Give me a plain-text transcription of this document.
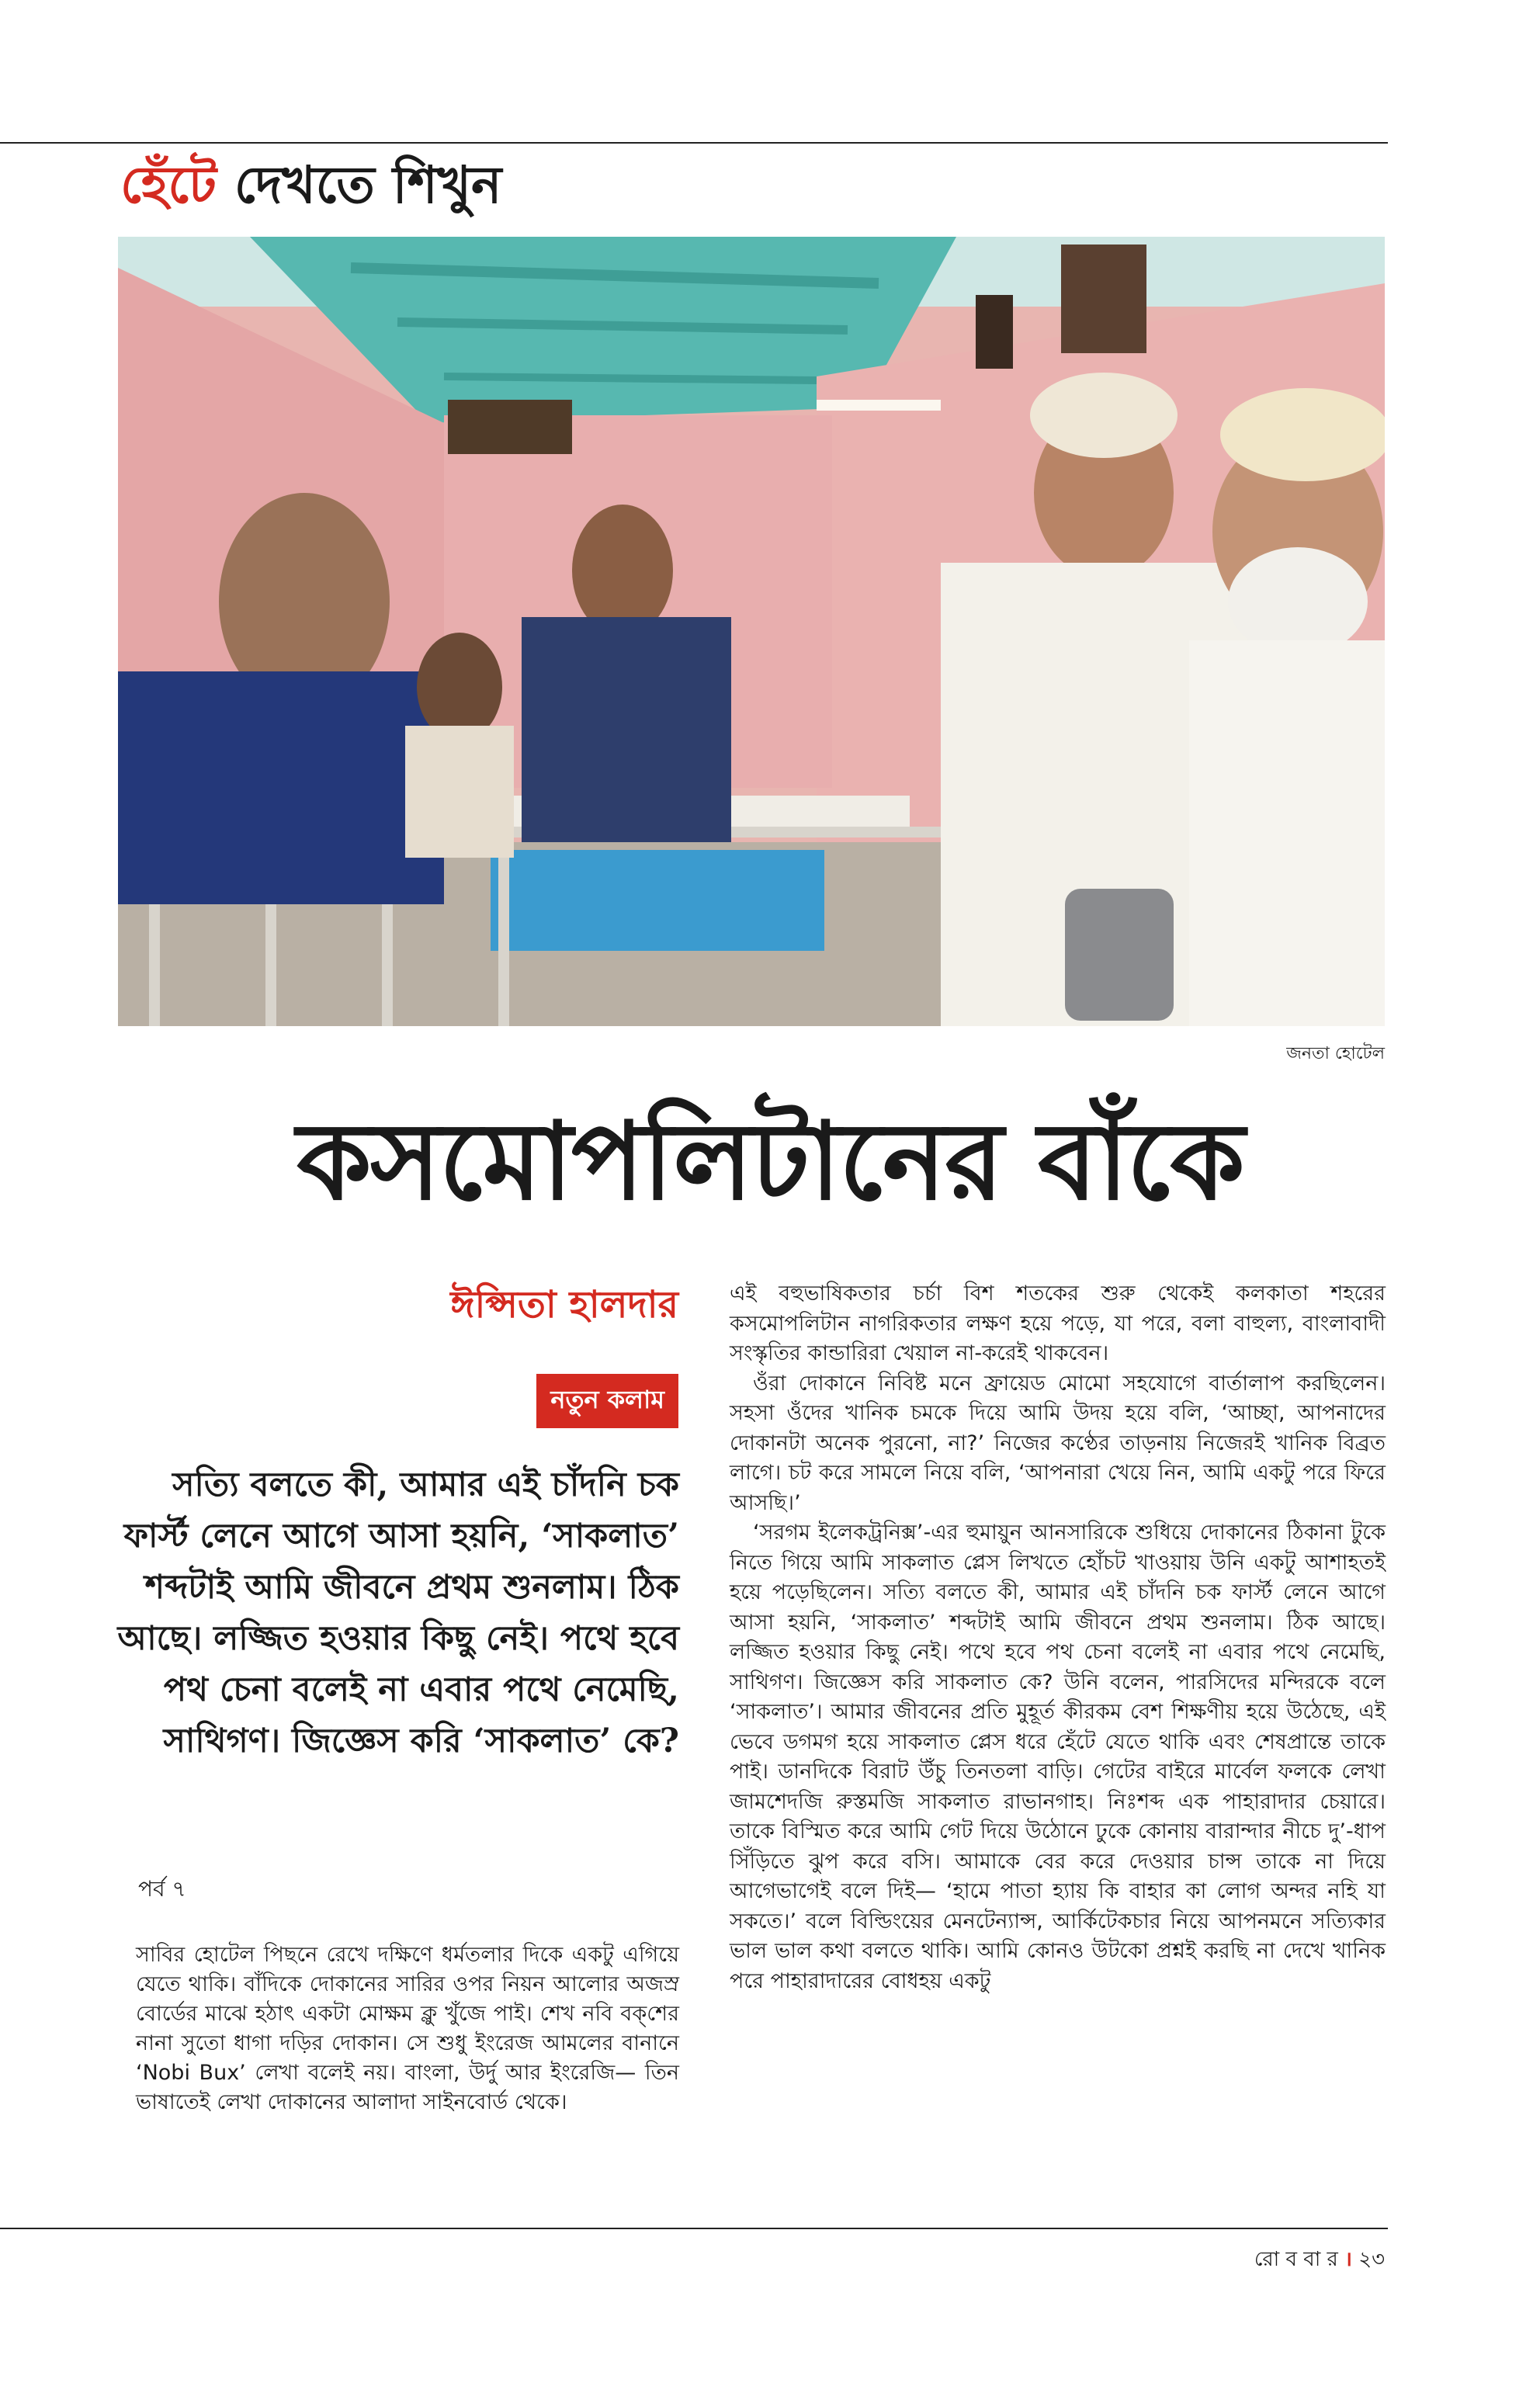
হেঁটে দেখতে শিখুন
জনতা হোটেল
কসমোপলিটানের বাঁকে
ঈপ্সিতা হালদার
নতুন কলাম
সত্যি বলতে কী, আমার এই চাঁদনি চক ফার্স্ট লেনে আগে আসা হয়নি, ‘সাকলাত’ শব্দটাই আমি জীবনে প্রথম শুনলাম। ঠিক আছে। লজ্জিত হওয়ার কিছু নেই। পথে হবে পথ চেনা বলেই না এবার পথে নেমেছি, সাথিগণ। জিজ্ঞেস করি ‘সাকলাত’ কে?
পর্ব ৭

সাবির হোটেল পিছনে রেখে দক্ষিণে ধর্মতলার দিকে একটু এগিয়ে যেতে থাকি। বাঁদিকে দোকানের সারির ওপর নিয়ন আলোর অজস্র বোর্ডের মাঝে হঠাৎ একটা মোক্ষম ক্লু খুঁজে পাই। শেখ নবি বক্‌শের নানা সুতো ধাগা দড়ির দোকান। সে শুধু ইংরেজ আমলের বানানে ‘Nobi Bux’ লেখা বলেই নয়। বাংলা, উর্দু আর ইংরেজি— তিন ভাষাতেই লেখা দোকানের আলাদা সাইনবোর্ড থেকে।

এই বহুভাষিকতার চর্চা বিশ শতকের শুরু থেকেই কলকাতা শহরের কসমোপলিটান নাগরিকতার লক্ষণ হয়ে পড়ে, যা পরে, বলা বাহুল্য, বাংলাবাদী সংস্কৃতির কান্ডারিরা খেয়াল না-করেই থাকবেন।

ওঁরা দোকানে নিবিষ্ট মনে ফ্রায়েড মোমো সহযোগে বার্তালাপ করছিলেন। সহসা ওঁদের খানিক চমকে দিয়ে আমি উদয় হয়ে বলি, ‘আচ্ছা, আপনাদের দোকানটা অনেক পুরনো, না?’ নিজের কণ্ঠের তাড়নায় নিজেরই খানিক বিব্রত লাগে। চট করে সামলে নিয়ে বলি, ‘আপনারা খেয়ে নিন, আমি একটু পরে ফিরে আসছি।’

‘সরগম ইলেকট্রনিক্স’-এর হুমায়ুন আনসারিকে শুধিয়ে দোকানের ঠিকানা টুকে নিতে গিয়ে আমি সাকলাত প্লেস লিখতে হোঁচট খাওয়ায় উনি একটু আশাহতই হয়ে পড়েছিলেন। সত্যি বলতে কী, আমার এই চাঁদনি চক ফার্স্ট লেনে আগে আসা হয়নি, ‘সাকলাত’ শব্দটাই আমি জীবনে প্রথম শুনলাম। ঠিক আছে। লজ্জিত হওয়ার কিছু নেই। পথে হবে পথ চেনা বলেই না এবার পথে নেমেছি, সাথিগণ। জিজ্ঞেস করি সাকলাত কে? উনি বলেন, পারসিদের মন্দিরকে বলে ‘সাকলাত’। আমার জীবনের প্রতি মুহূর্ত কীরকম বেশ শিক্ষণীয় হয়ে উঠেছে, এই ভেবে ডগমগ হয়ে সাকলাত প্লেস ধরে হেঁটে যেতে থাকি এবং শেষপ্রান্তে তাকে পাই। ডানদিকে বিরাট উঁচু তিনতলা বাড়ি। গেটের বাইরে মার্বেল ফলকে লেখা জামশেদজি রুস্তমজি সাকলাত রাভানগাহ। নিঃশব্দ এক পাহারাদার চেয়ারে। তাকে বিস্মিত করে আমি গেট দিয়ে উঠোনে ঢুকে কোনায় বারান্দার নীচে দু’-ধাপ সিঁড়িতে ঝুপ করে বসি। আমাকে বের করে দেওয়ার চান্স তাকে না দিয়ে আগেভাগেই বলে দিই— ‘হামে পাতা হ্যায় কি বাহার কা লোগ অন্দর নহি যা সকতে।’ বলে বিল্ডিংয়ের মেনটেন্যান্স, আর্কিটেকচার নিয়ে আপনমনে সত্যিকার ভাল ভাল কথা বলতে থাকি। আমি কোনও উটকো প্রশ্নই করছি না দেখে খানিক পরে পাহারাদারের বোধহয় একটু

রো ব বা র । ২৩
